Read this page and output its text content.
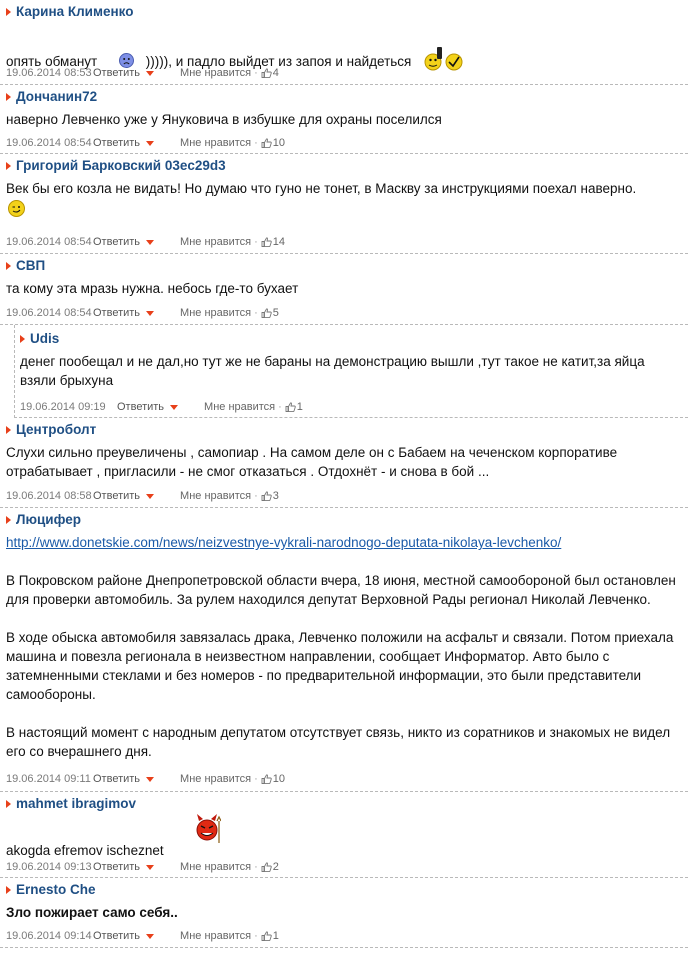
Карина Клименко
опять обманут	))))), и падло выйдет из запоя и найдеться
19.06.2014 08:53 Ответить	Мне нравится · 4
Дончанин72
наверно Левченко уже у Януковича в избушке для охраны поселился
19.06.2014 08:54 Ответить	Мне нравится · 10
Григорий Барковский 03ec29d3
Век бы его козла не видать! Но думаю что гуно не тонет, в Маскву за инструкциями поехал наверно.

19.06.2014 08:54 Ответить	Мне нравится · 14
СВП
та кому эта мразь нужна. небось где-то бухает
19.06.2014 08:54 Ответить	Мне нравится · 5
Udis
денег пообещал и не дал,но тут же не бараны на демонстрацию вышли ,тут такое не катит,за яйца взяли брыхуна
19.06.2014 09:19	Ответить	Мне нравится · 1
Центроболт
Слухи сильно преувеличены , самопиар . На самом деле он с Бабаем на чеченском корпоративе отрабатывает , пригласили - не смог отказаться . Отдохнёт - и снова в бой ...
19.06.2014 08:58 Ответить	Мне нравится · 3
Люцифер

http://www.donetskie.com/news/neizvestnye-vykrali-narodnogo-deputata-nikolaya-levchenko/

В Покровском районе Днепропетровской области вчера, 18 июня, местной самообороной был остановлен для проверки автомобиль. За рулем находился депутат Верховной Рады регионал Николай Левченко.

В ходе обыска автомобиля завязалась драка, Левченко положили на асфальт и связали. Потом приехала машина и повезла регионала в неизвестном направлении, сообщает Информатор. Авто было с затемненными стеклами и без номеров - по предварительной информации, это были представители самообороны.

В настоящий момент с народным депутатом отсутствует связь, никто из соратников и знакомых не видел его со вчерашнего дня.

19.06.2014 09:11 Ответить	Мне нравится · 10
mahmet ibragimov
akogda efremov ischeznet
19.06.2014 09:13 Ответить	Мне нравится · 2
Ernesto Che
Зло пожирает само себя..
19.06.2014 09:14 Ответить	Мне нравится · 1
